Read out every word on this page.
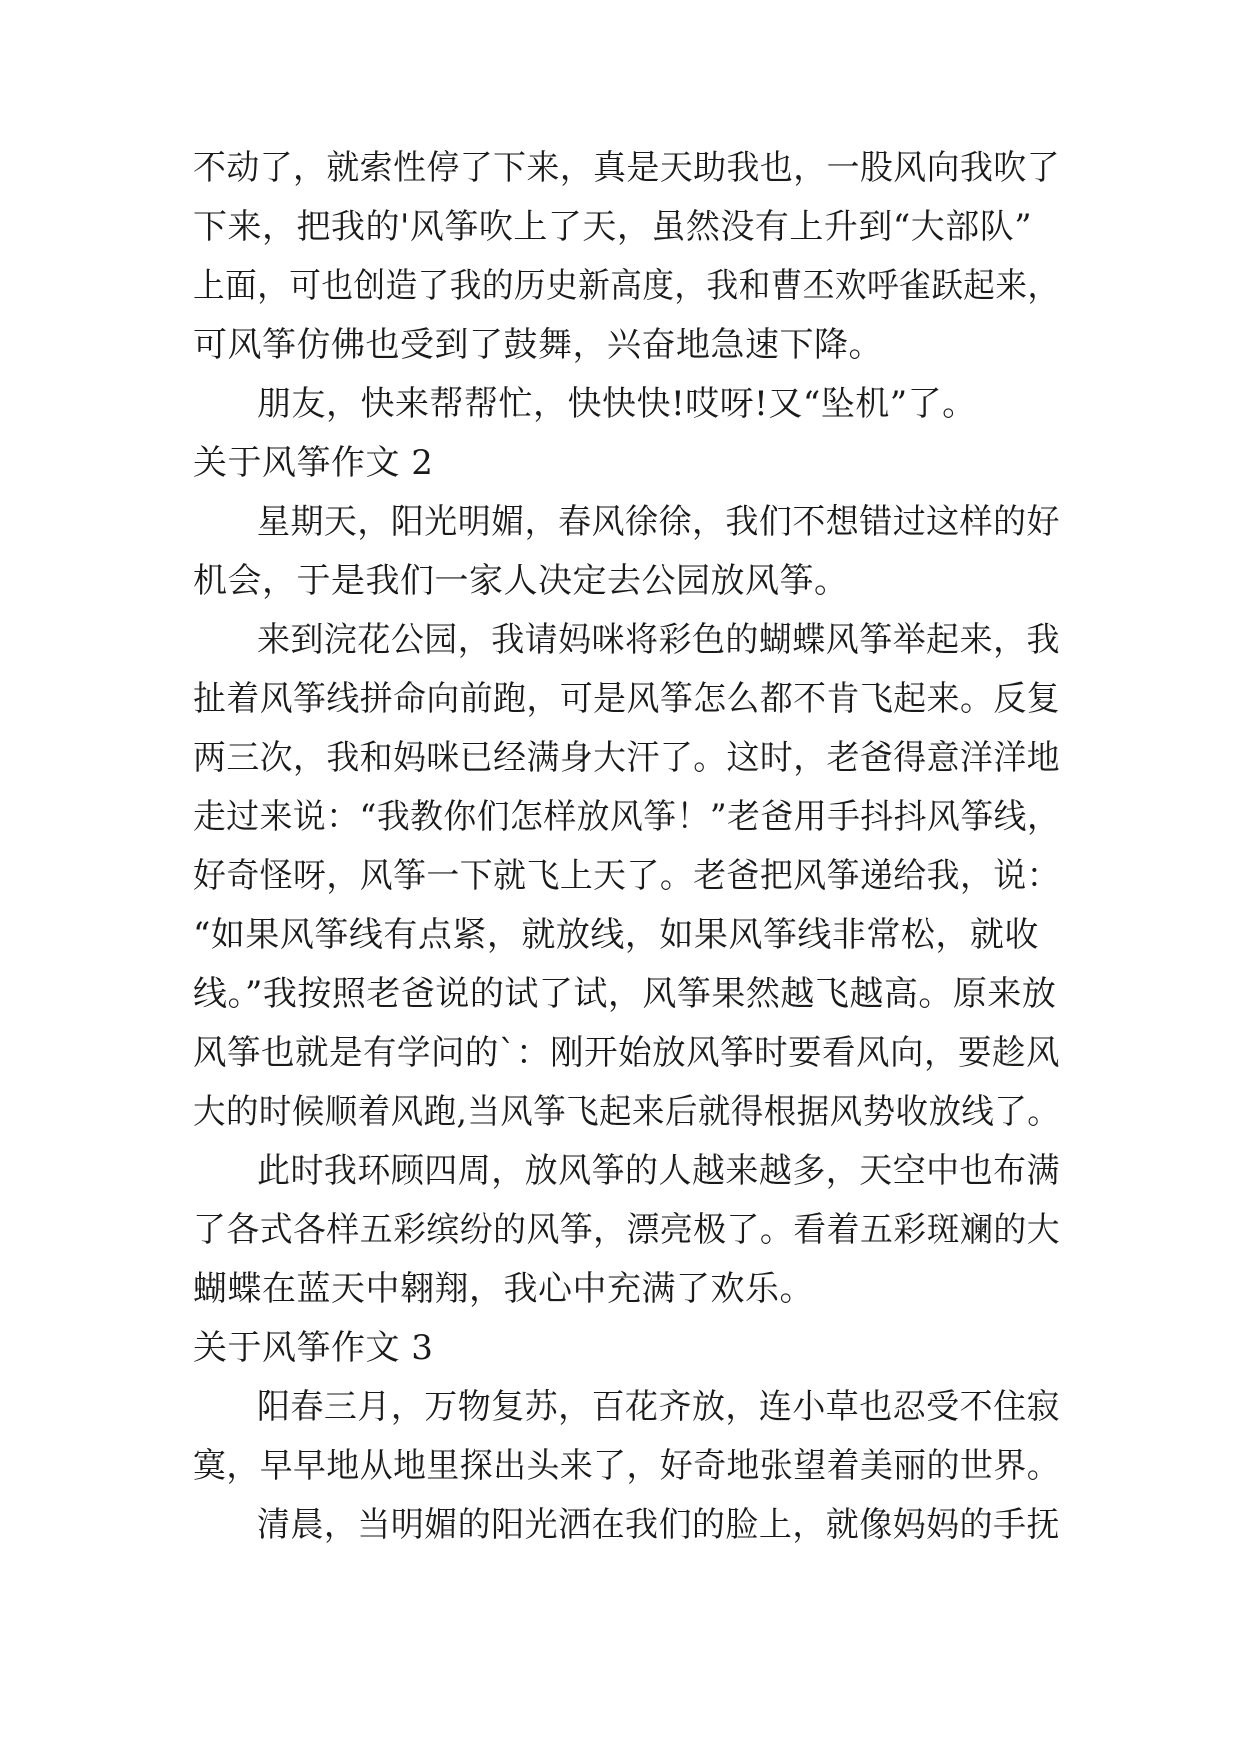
不动了，就索性停了下来，真是天助我也，一股风向我吹了
下来，把我的'风筝吹上了天，虽然没有上升到“大部队”
上面，可也创造了我的历史新高度，我和曹丕欢呼雀跃起来，
可风筝仿佛也受到了鼓舞，兴奋地急速下降。
朋友，快来帮帮忙，快快快!哎呀!又“坠机”了。
关于风筝作文 2
星期天，阳光明媚，春风徐徐，我们不想错过这样的好
机会，于是我们一家人决定去公园放风筝。
来到浣花公园，我请妈咪将彩色的蝴蝶风筝举起来，我
扯着风筝线拼命向前跑，可是风筝怎么都不肯飞起来。反复
两三次，我和妈咪已经满身大汗了。这时，老爸得意洋洋地
走过来说：“我教你们怎样放风筝！”老爸用手抖抖风筝线，
好奇怪呀，风筝一下就飞上天了。老爸把风筝递给我，说：
“如果风筝线有点紧，就放线，如果风筝线非常松，就收
线。”我按照老爸说的试了试，风筝果然越飞越高。原来放
风筝也就是有学问的`：刚开始放风筝时要看风向，要趁风
大的时候顺着风跑,当风筝飞起来后就得根据风势收放线了。
此时我环顾四周，放风筝的人越来越多，天空中也布满
了各式各样五彩缤纷的风筝，漂亮极了。看着五彩斑斓的大
蝴蝶在蓝天中翱翔，我心中充满了欢乐。
关于风筝作文 3
阳春三月，万物复苏，百花齐放，连小草也忍受不住寂
寞，早早地从地里探出头来了，好奇地张望着美丽的世界。
清晨，当明媚的阳光洒在我们的脸上，就像妈妈的手抚
